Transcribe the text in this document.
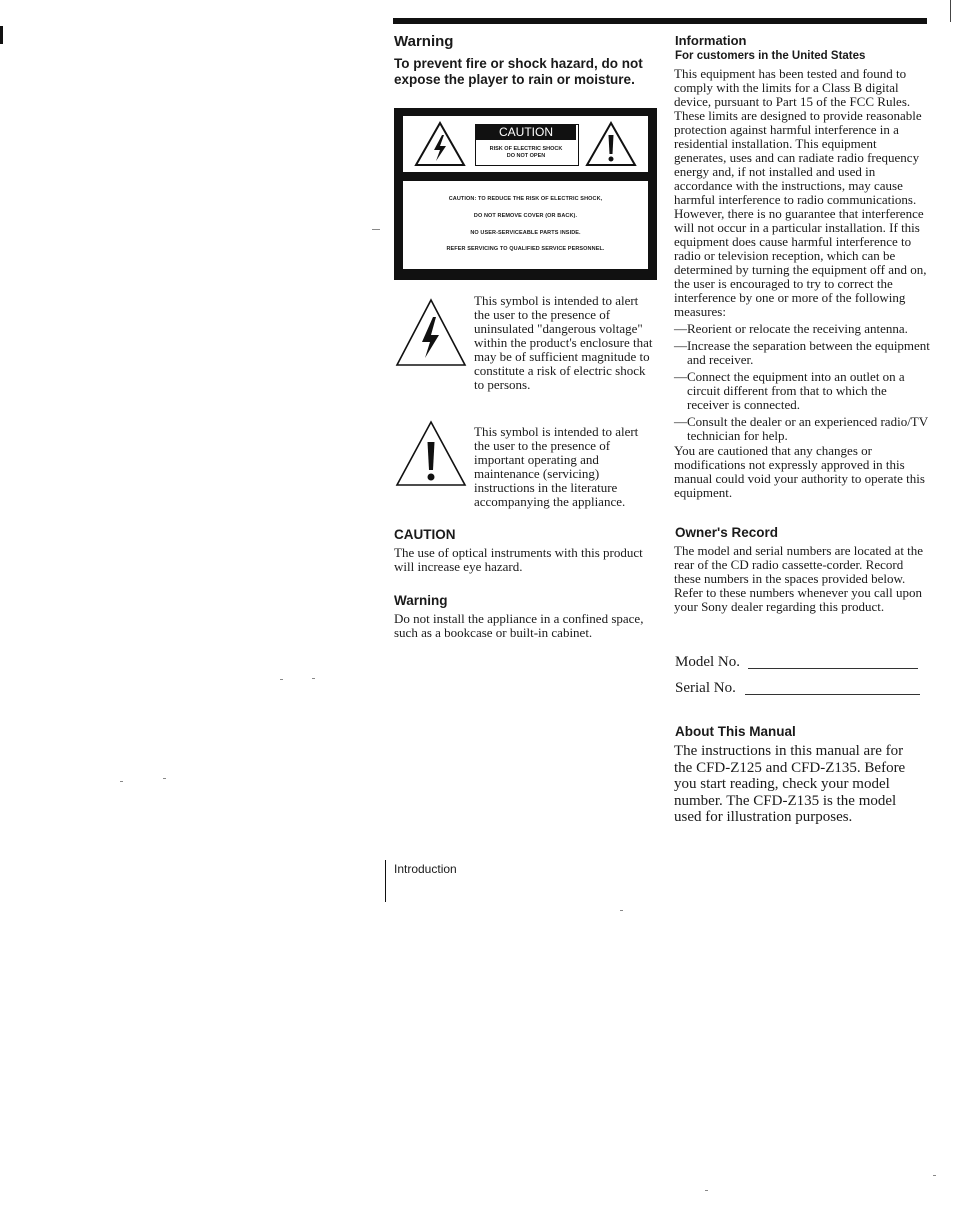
Warning
To prevent fire or shock hazard, do not expose the player to rain or moisture.
CAUTION
RISK OF ELECTRIC SHOCK
DO NOT OPEN
CAUTION: TO REDUCE THE RISK OF ELECTRIC SHOCK,
DO NOT REMOVE COVER (OR BACK).
NO USER-SERVICEABLE PARTS INSIDE.
REFER SERVICING TO QUALIFIED SERVICE PERSONNEL.
This symbol is intended to alert the user to the presence of uninsulated "dangerous voltage" within the product's enclosure that may be of sufficient magnitude to constitute a risk of electric shock to persons.
This symbol is intended to alert the user to the presence of important operating and maintenance (servicing) instructions in the literature accompanying the appliance.
CAUTION
The use of optical instruments with this product will increase eye hazard.
Warning
Do not install the appliance in a confined space, such as a bookcase or built-in cabinet.
Information
For customers in the United States
This equipment has been tested and found to comply with the limits for a Class B digital device, pursuant to Part 15 of the FCC Rules. These limits are designed to provide reasonable protection against harmful interference in a residential installation. This equipment generates, uses and can radiate radio frequency energy and, if not installed and used in accordance with the instructions, may cause harmful interference to radio communications. However, there is no guarantee that interference will not occur in a particular installation. If this equipment does cause harmful interference to radio or television reception, which can be determined by turning the equipment off and on, the user is encouraged to try to correct the interference by one or more of the following measures:
—Reorient or relocate the receiving antenna.
—Increase the separation between the equipment and receiver.
—Connect the equipment into an outlet on a circuit different from that to which the receiver is connected.
—Consult the dealer or an experienced radio/TV technician for help.
You are cautioned that any changes or modifications not expressly approved in this manual could void your authority to operate this equipment.
Owner's Record
The model and serial numbers are located at the rear of the CD radio cassette-corder. Record these numbers in the spaces provided below. Refer to these numbers whenever you call upon your Sony dealer regarding this product.
Model No.
Serial No.
About This Manual
The instructions in this manual are for the CFD-Z125 and CFD-Z135. Before you start reading, check your model number. The CFD-Z135 is the model used for illustration purposes.
Introduction
